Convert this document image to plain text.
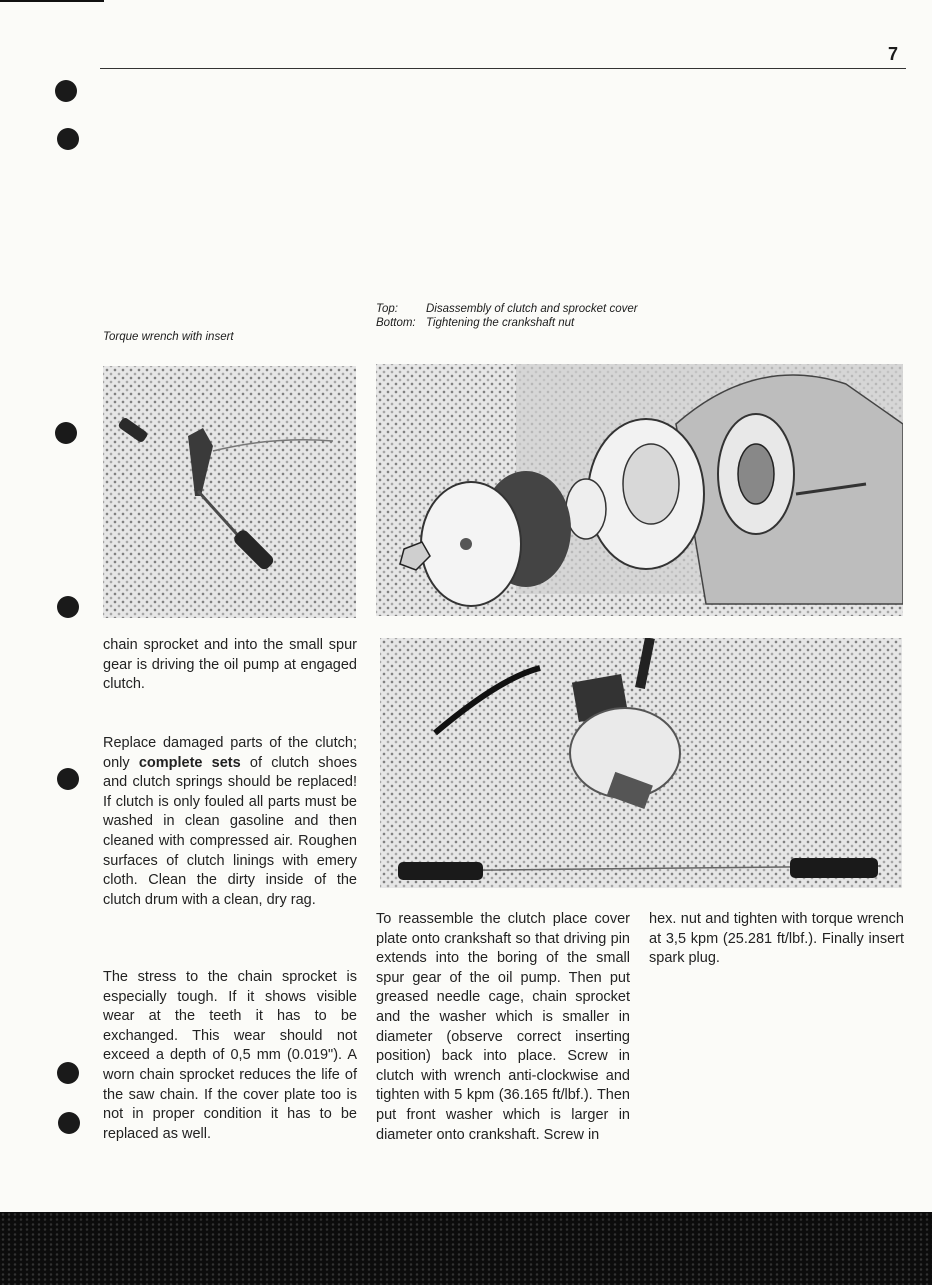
7
Torque wrench with insert
Top:	Disassembly of clutch and sprocket cover
Bottom: Tightening the crankshaft nut
chain sprocket and into the small spur gear is driving the oil pump at engaged clutch.
Replace damaged parts of the clutch; only complete sets of clutch shoes and clutch springs should be replaced! If clutch is only fouled all parts must be washed in clean gasoline and then cleaned with compressed air. Roughen surfaces of clutch linings with emery cloth. Clean the dirty inside of the clutch drum with a clean, dry rag.
The stress to the chain sprocket is especially tough. If it shows visible wear at the teeth it has to be exchanged. This wear should not exceed a depth of 0,5 mm (0.019"). A worn chain sprocket reduces the life of the saw chain. If the cover plate too is not in proper condition it has to be replaced as well.
To reassemble the clutch place cover plate onto crankshaft so that driving pin extends into the boring of the small spur gear of the oil pump. Then put greased needle cage, chain sprocket and the washer which is smaller in diameter (observe correct inserting position) back into place. Screw in clutch with wrench anti-clockwise and tighten with 5 kpm (36.165 ft/lbf.). Then put front washer which is larger in diameter onto crankshaft. Screw in
hex. nut and tighten with torque wrench at 3,5 kpm (25.281 ft/lbf.). Finally insert spark plug.
